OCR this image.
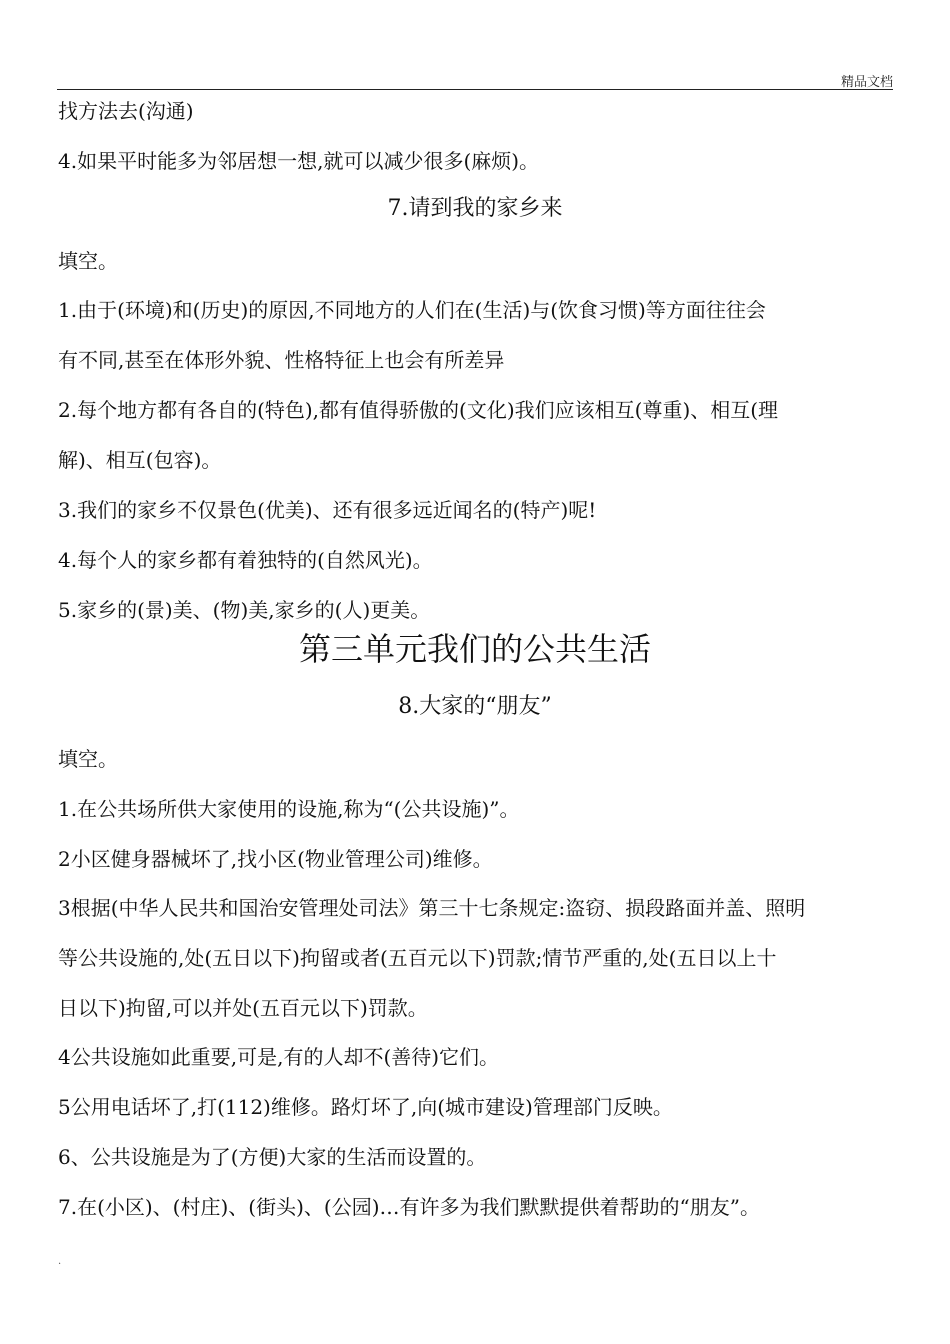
精品文档
找方法去(沟通)
4.如果平时能多为邻居想一想,就可以减少很多(麻烦)。
7.请到我的家乡来
填空。
1.由于(环境)和(历史)的原因,不同地方的人们在(生活)与(饮食习惯)等方面往往会
有不同,甚至在体形外貌、性格特征上也会有所差异
2.每个地方都有各自的(特色),都有值得骄傲的(文化)我们应该相互(尊重)、相互(理
解)、相互(包容)。
3.我们的家乡不仅景色(优美)、还有很多远近闻名的(特产)呢!
4.每个人的家乡都有着独特的(自然风光)。
5.家乡的(景)美、(物)美,家乡的(人)更美。
第三单元我们的公共生活
8.大家的“朋友”
填空。
1.在公共场所供大家使用的设施,称为“(公共设施)”。
2小区健身器械坏了,找小区(物业管理公司)维修。
3根据(中华人民共和国治安管理处司法》第三十七条规定:盗窃、损段路面并盖、照明
等公共设施的,处(五日以下)拘留或者(五百元以下)罚款;情节严重的,处(五日以上十
日以下)拘留,可以并处(五百元以下)罚款。
4公共设施如此重要,可是,有的人却不(善待)它们。
5公用电话坏了,打(112)维修。路灯坏了,向(城市建设)管理部门反映。
6、公共设施是为了(方便)大家的生活而设置的。
7.在(小区)、(村庄)、(街头)、(公园)…有许多为我们默默提供着帮助的“朋友”。
.
